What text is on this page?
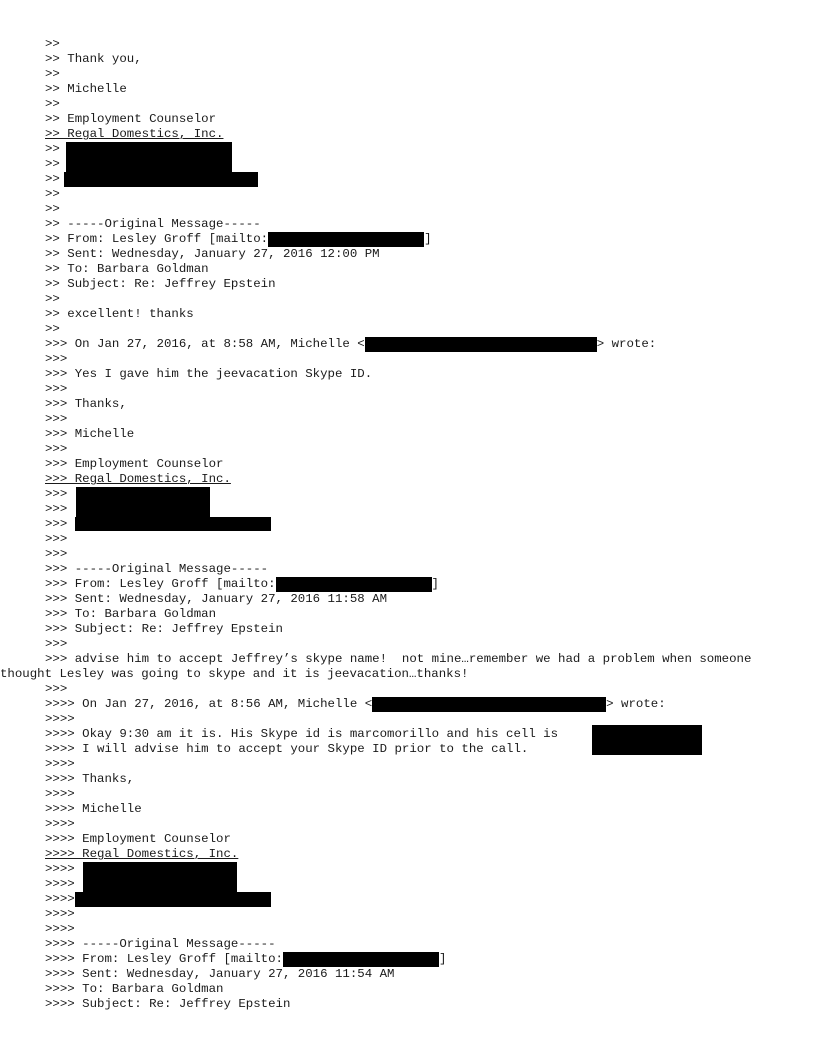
>>
>> Thank you,
>>
>> Michelle
>>
>> Employment Counselor
>> Regal Domestics, Inc.
>>
>>
>>
>>
>>
>> -----Original Message-----
>> From: Lesley Groff [mailto:	]
>> Sent: Wednesday, January 27, 2016 12:00 PM
>> To: Barbara Goldman
>> Subject: Re: Jeffrey Epstein
>>
>> excellent! thanks
>>
>>> On Jan 27, 2016, at 8:58 AM, Michelle <	> wrote:
>>>
>>> Yes I gave him the jeevacation Skype ID.
>>>
>>> Thanks,
>>>
>>> Michelle
>>>
>>> Employment Counselor
>>> Regal Domestics, Inc.
>>>
>>>
>>>
>>>
>>>
>>> -----Original Message-----
>>> From: Lesley Groff [mailto:	]
>>> Sent: Wednesday, January 27, 2016 11:58 AM
>>> To: Barbara Goldman
>>> Subject: Re: Jeffrey Epstein
>>>
>>> advise him to accept Jeffrey’s skype name!  not mine…remember we had a problem when someone thought Lesley was going to skype and it is jeevacation…thanks!
>>>
>>>> On Jan 27, 2016, at 8:56 AM, Michelle <	> wrote:
>>>>
>>>> Okay 9:30 am it is. His Skype id is marcomorillo and his cell is
>>>> I will advise him to accept your Skype ID prior to the call.
>>>>
>>>> Thanks,
>>>>
>>>> Michelle
>>>>
>>>> Employment Counselor
>>>> Regal Domestics, Inc.
>>>>
>>>>
>>>>
>>>>
>>>>
>>>> -----Original Message-----
>>>> From: Lesley Groff [mailto:	]
>>>> Sent: Wednesday, January 27, 2016 11:54 AM
>>>> To: Barbara Goldman
>>>> Subject: Re: Jeffrey Epstein
